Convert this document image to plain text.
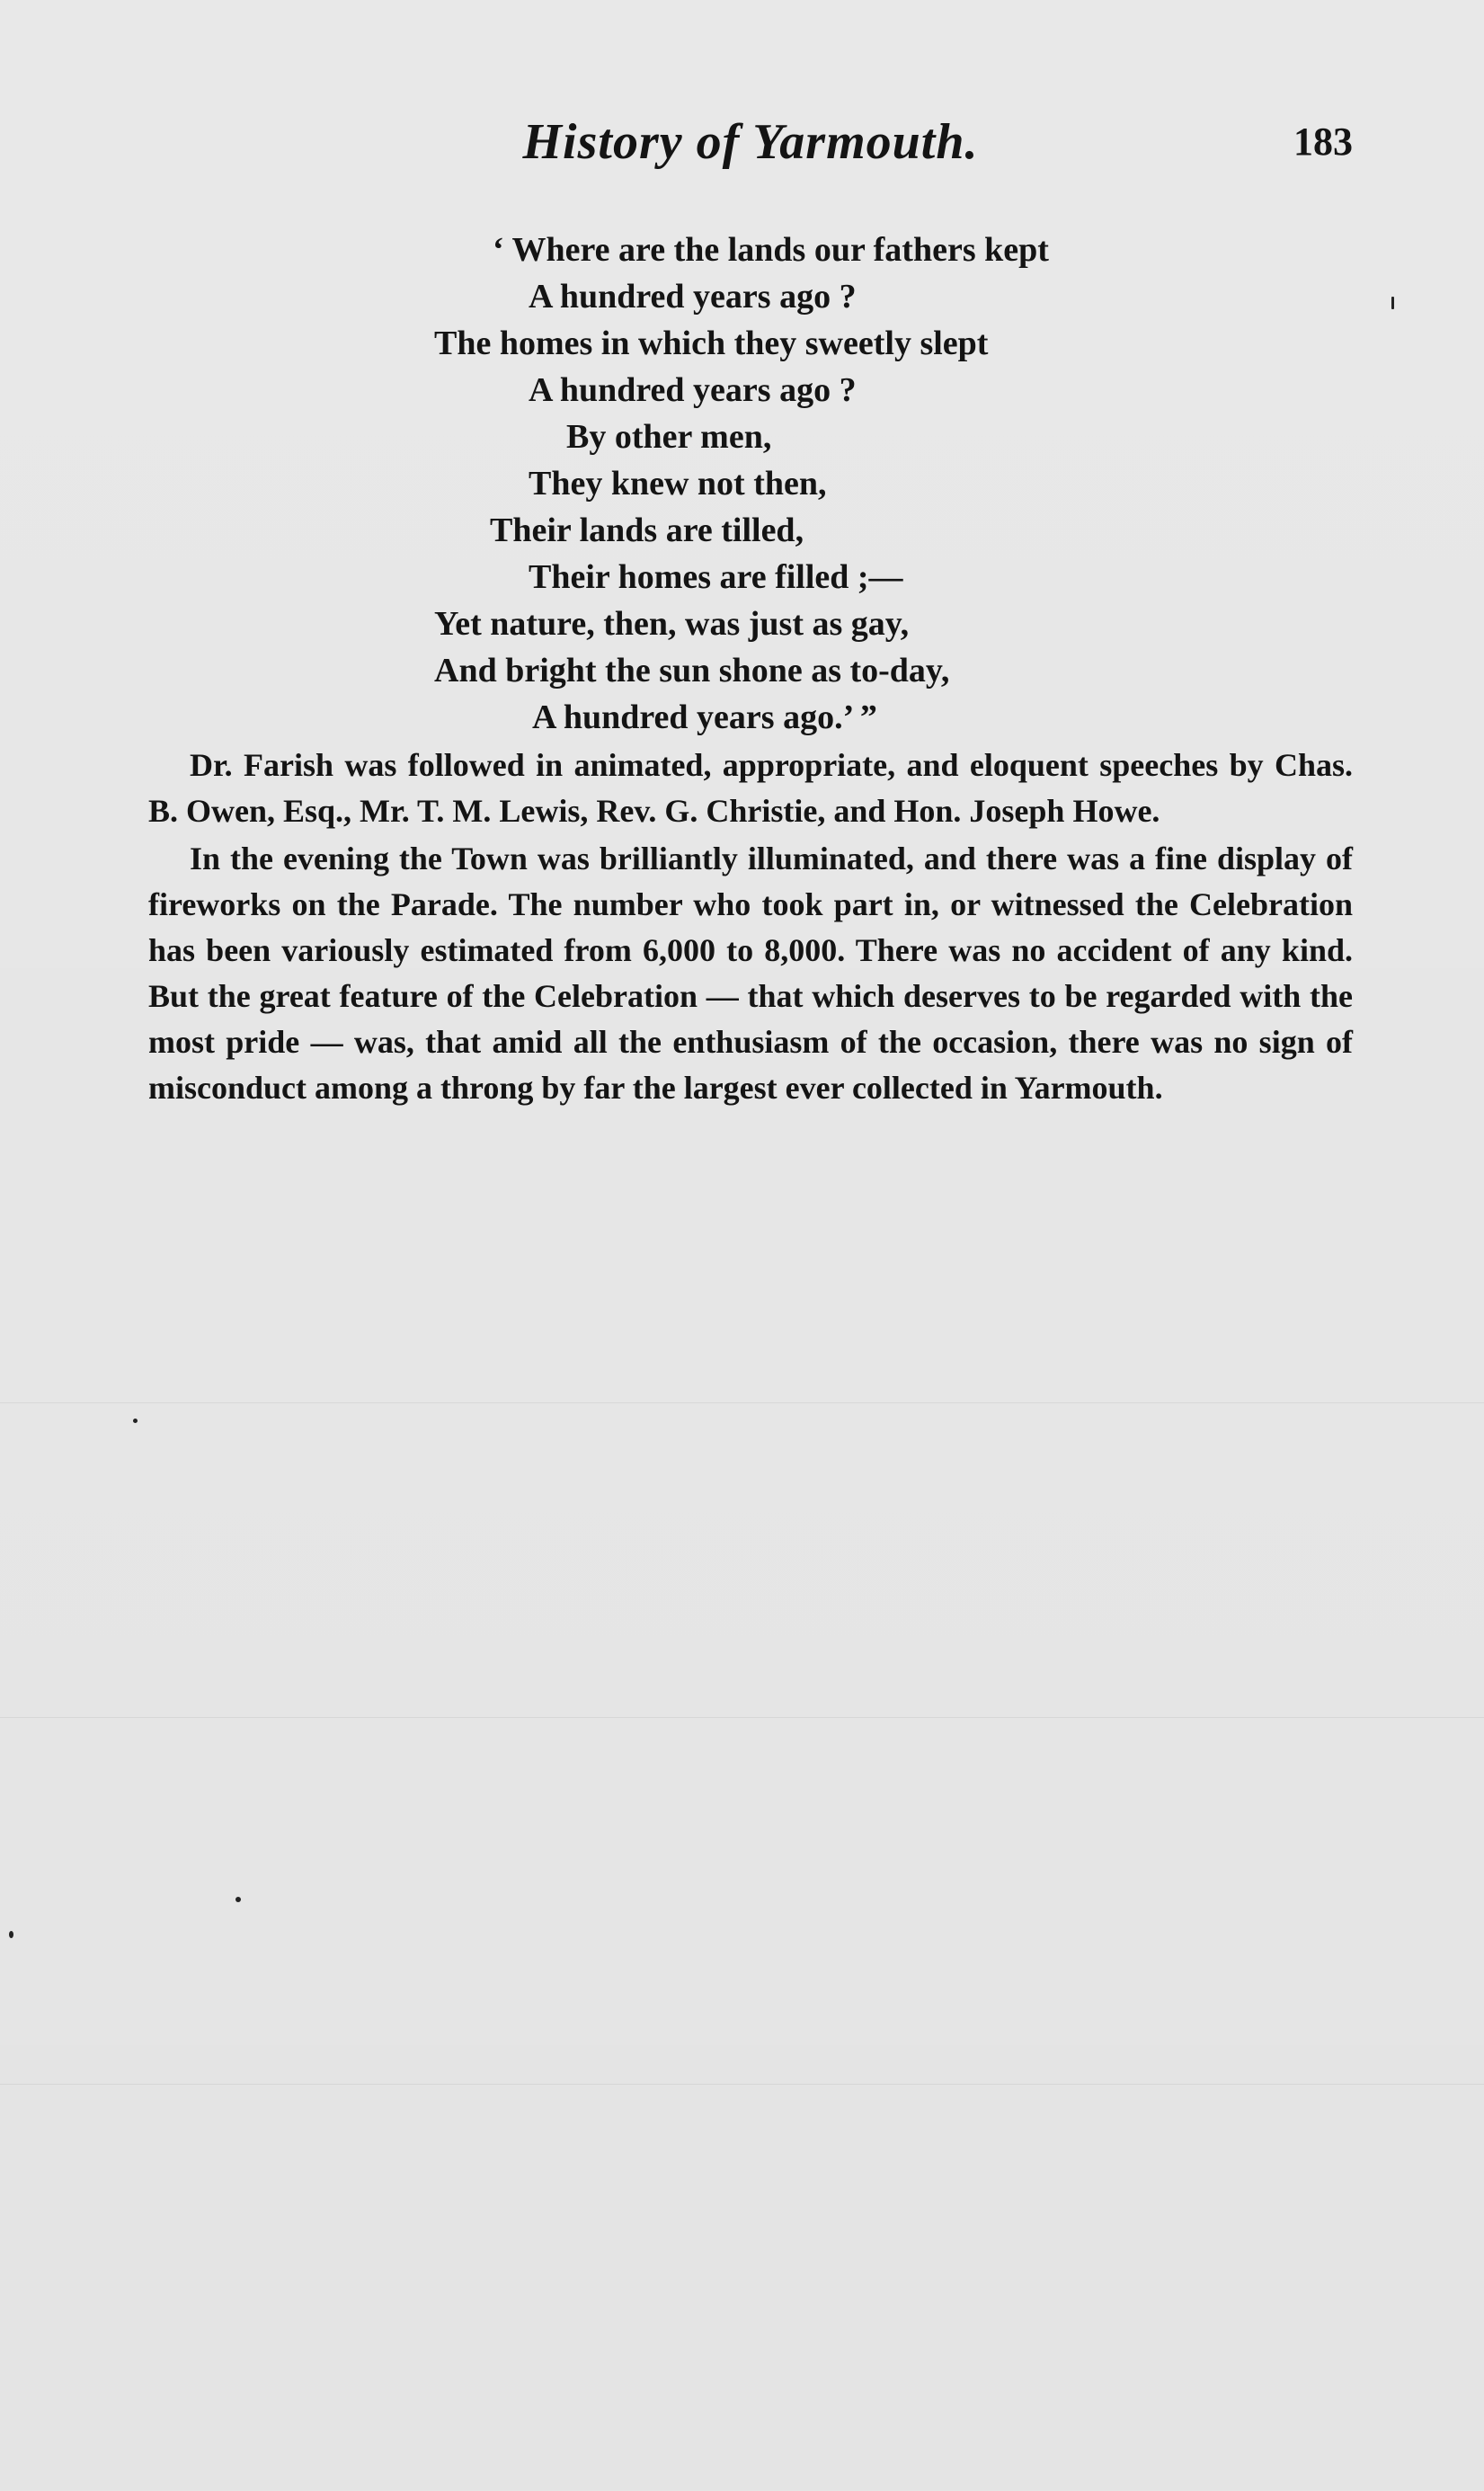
History of Yarmouth.	183
‘ Where are the lands our fathers kept
A hundred years ago ?
The homes in which they sweetly slept
A hundred years ago ?
By other men,
They knew not then,
Their lands are tilled,
Their homes are filled ;—
Yet nature, then, was just as gay,
And bright the sun shone as to-day,
A hundred years ago.’ ”

Dr. Farish was followed in animated, appropriate, and eloquent speeches by Chas. B. Owen, Esq., Mr. T. M. Lewis, Rev. G. Christie, and Hon. Joseph Howe.

In the evening the Town was brilliantly illuminated, and there was a fine display of fireworks on the Parade. The number who took part in, or witnessed the Celebration has been variously estimated from 6,000 to 8,000. There was no accident of any kind. But the great feature of the Celebration — that which deserves to be regarded with the most pride — was, that amid all the enthusiasm of the occasion, there was no sign of misconduct among a throng by far the largest ever collected in Yarmouth.
